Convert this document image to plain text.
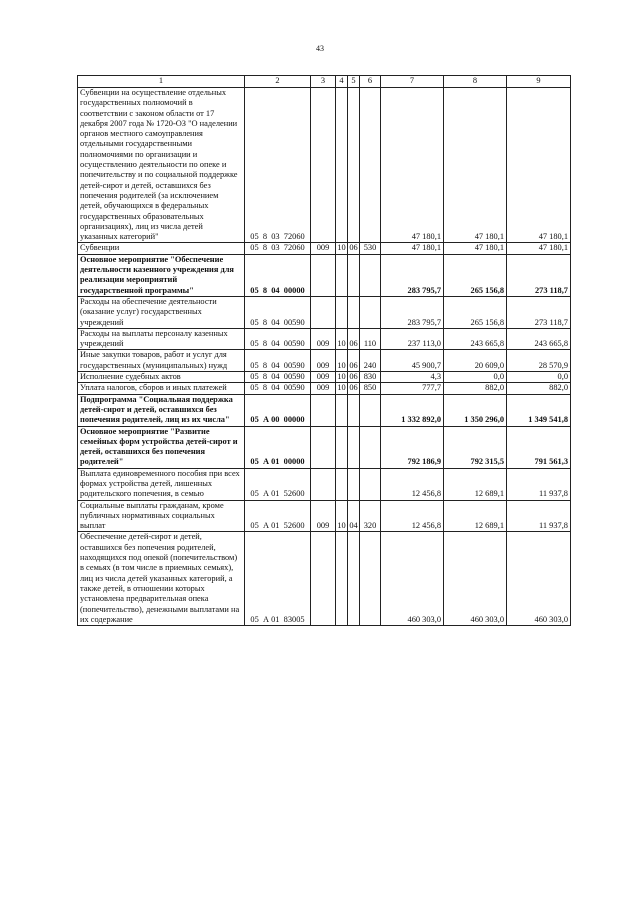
43
1	2	3	4	5	6	7	8	9
Субвенции на осуществление отдельных государственных полномочий в соответствии с законом области от 17 декабря 2007 года № 1720-ОЗ "О наделении органов местного самоуправления отдельными государственными полномочиями по организации и осуществлению деятельности по опеке и попечительству и по социальной поддержке детей-сирот и детей, оставшихся без попечения родителей (за исключением детей, обучающихся в федеральных государственных образовательных организациях), лиц из числа детей указанных категорий"	05  8  03  72060					47 180,1	47 180,1	47 180,1
Субвенции	05  8  03  72060	009	10	06	530	47 180,1	47 180,1	47 180,1
Основное мероприятие "Обеспечение деятельности казенного учреждения для реализации мероприятий государственной программы"	05  8  04  00000					283 795,7	265 156,8	273 118,7
Расходы на обеспечение деятельности (оказание услуг) государственных учреждений	05  8  04  00590					283 795,7	265 156,8	273 118,7
Расходы на выплаты персоналу казенных учреждений	05  8  04  00590	009	10	06	110	237 113,0	243 665,8	243 665,8
Иные закупки товаров, работ и услуг для государственных (муниципальных) нужд	05  8  04  00590	009	10	06	240	45 900,7	20 609,0	28 570,9
Исполнение судебных актов	05  8  04  00590	009	10	06	830	4,3	0,0	0,0
Уплата налогов, сборов и иных платежей	05  8  04  00590	009	10	06	850	777,7	882,0	882,0
Подпрограмма "Социальная поддержка детей-сирот и детей, оставшихся без попечения родителей, лиц из их числа"	05  А 00  00000					1 332 892,0	1 350 296,0	1 349 541,8
Основное мероприятие "Развитие семейных форм устройства детей-сирот и детей, оставшихся без попечения родителей"	05  А 01  00000					792 186,9	792 315,5	791 561,3
Выплата единовременного пособия при всех формах устройства детей, лишенных родительского попечения, в семью	05  А 01  52600					12 456,8	12 689,1	11 937,8
Социальные выплаты гражданам, кроме публичных нормативных социальных выплат	05  А 01  52600	009	10	04	320	12 456,8	12 689,1	11 937,8
Обеспечение детей-сирот и детей, оставшихся без попечения родителей, находящихся под опекой (попечительством) в семьях (в том числе в приемных семьях), лиц из числа детей указанных категорий, а также детей, в отношении которых установлена предварительная опека (попечительство), денежными выплатами на их содержание	05  А 01  83005					460 303,0	460 303,0	460 303,0
